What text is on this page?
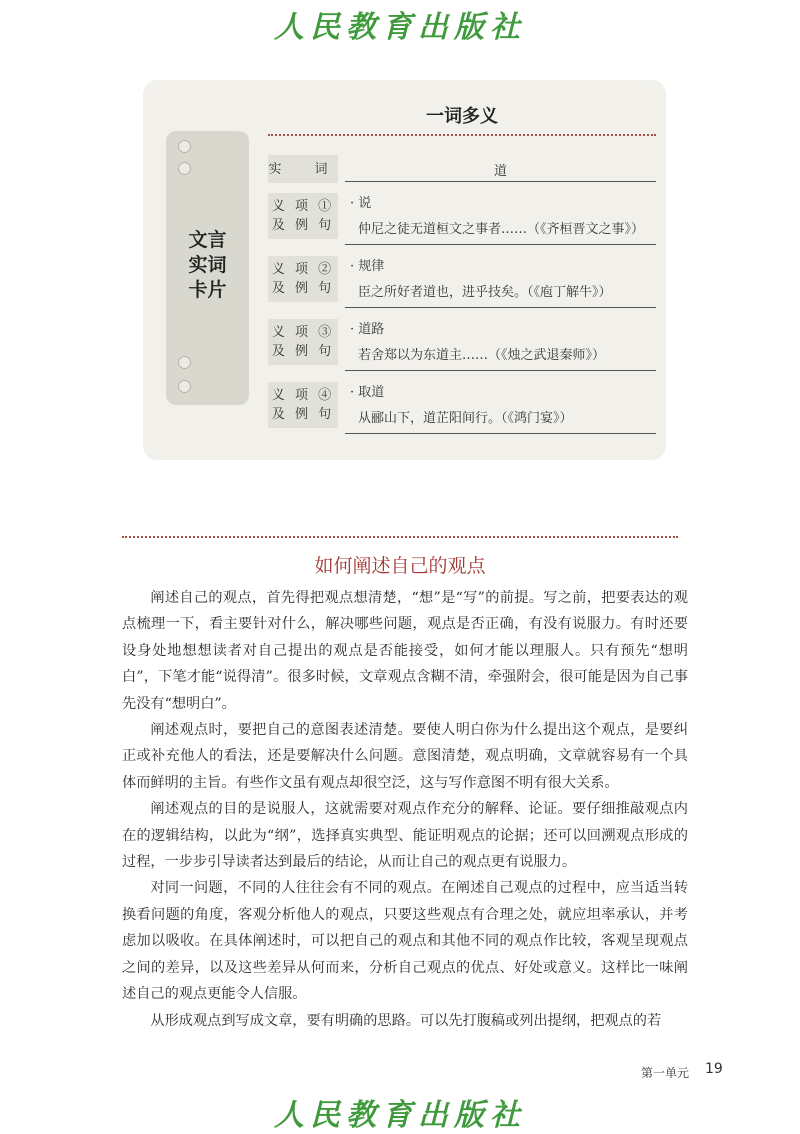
人民教育出版社
一词多义
文言
实词
卡片
实　词	道
义 项 ①
及 例 句
· 说
仲尼之徒无道桓文之事者……（《齐桓晋文之事》）
义 项 ②
及 例 句
· 规律
臣之所好者道也，进乎技矣。（《庖丁解牛》）
义 项 ③
及 例 句
· 道路
若舍郑以为东道主……（《烛之武退秦师》）
义 项 ④
及 例 句
· 取道
从郦山下，道芷阳间行。（《鸿门宴》）
如何阐述自己的观点

阐述自己的观点，首先得把观点想清楚，“想”是“写”的前提。写之前，把要表达的观点梳理一下，看主要针对什么，解决哪些问题，观点是否正确，有没有说服力。有时还要设身处地想想读者对自己提出的观点是否能接受，如何才能以理服人。只有预先“想明白”，下笔才能“说得清”。很多时候，文章观点含糊不清，牵强附会，很可能是因为自己事先没有“想明白”。

阐述观点时，要把自己的意图表述清楚。要使人明白你为什么提出这个观点，是要纠正或补充他人的看法，还是要解决什么问题。意图清楚，观点明确，文章就容易有一个具体而鲜明的主旨。有些作文虽有观点却很空泛，这与写作意图不明有很大关系。

阐述观点的目的是说服人，这就需要对观点作充分的解释、论证。要仔细推敲观点内在的逻辑结构，以此为“纲”，选择真实典型、能证明观点的论据；还可以回溯观点形成的过程，一步步引导读者达到最后的结论，从而让自己的观点更有说服力。

对同一问题，不同的人往往会有不同的观点。在阐述自己观点的过程中，应当适当转换看问题的角度，客观分析他人的观点，只要这些观点有合理之处，就应坦率承认，并考虑加以吸收。在具体阐述时，可以把自己的观点和其他不同的观点作比较，客观呈现观点之间的差异，以及这些差异从何而来，分析自己观点的优点、好处或意义。这样比一味阐述自己的观点更能令人信服。

从形成观点到写成文章，要有明确的思路。可以先打腹稿或列出提纲，把观点的若

第一单元 19
人民教育出版社
